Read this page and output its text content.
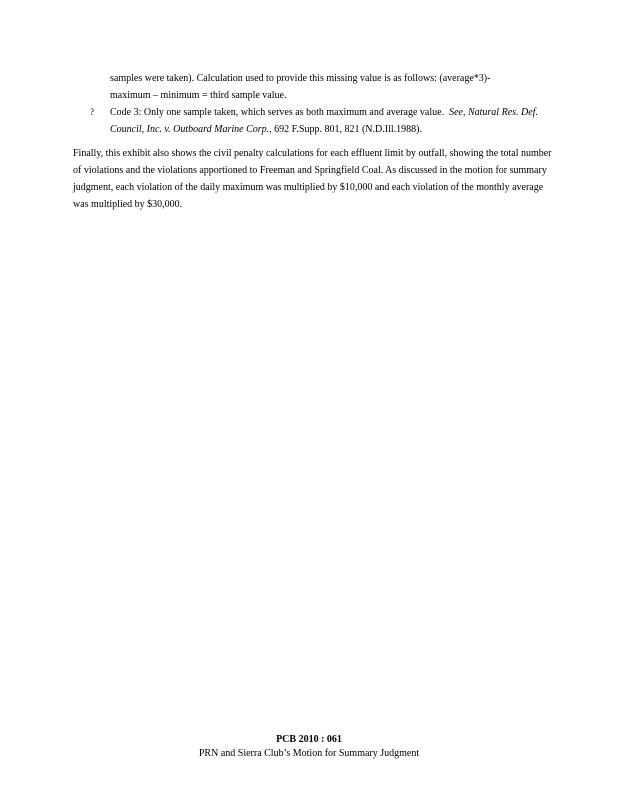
samples were taken). Calculation used to provide this missing value is as follows: (average*3)‑
maximum – minimum = third sample value.
? Code 3: Only one sample taken, which serves as both maximum and average value. See, Natural Res. Def. Council, Inc. v. Outboard Marine Corp., 692 F.Supp. 801, 821 (N.D.Ill.1988).
Finally, this exhibit also shows the civil penalty calculations for each effluent limit by outfall, showing the total number of violations and the violations apportioned to Freeman and Springfield Coal. As discussed in the motion for summary judgment, each violation of the daily maximum was multiplied by $10,000 and each violation of the monthly average was multiplied by $30,000.
PCB 2010 : 061
PRN and Sierra Club’s Motion for Summary Judgment
